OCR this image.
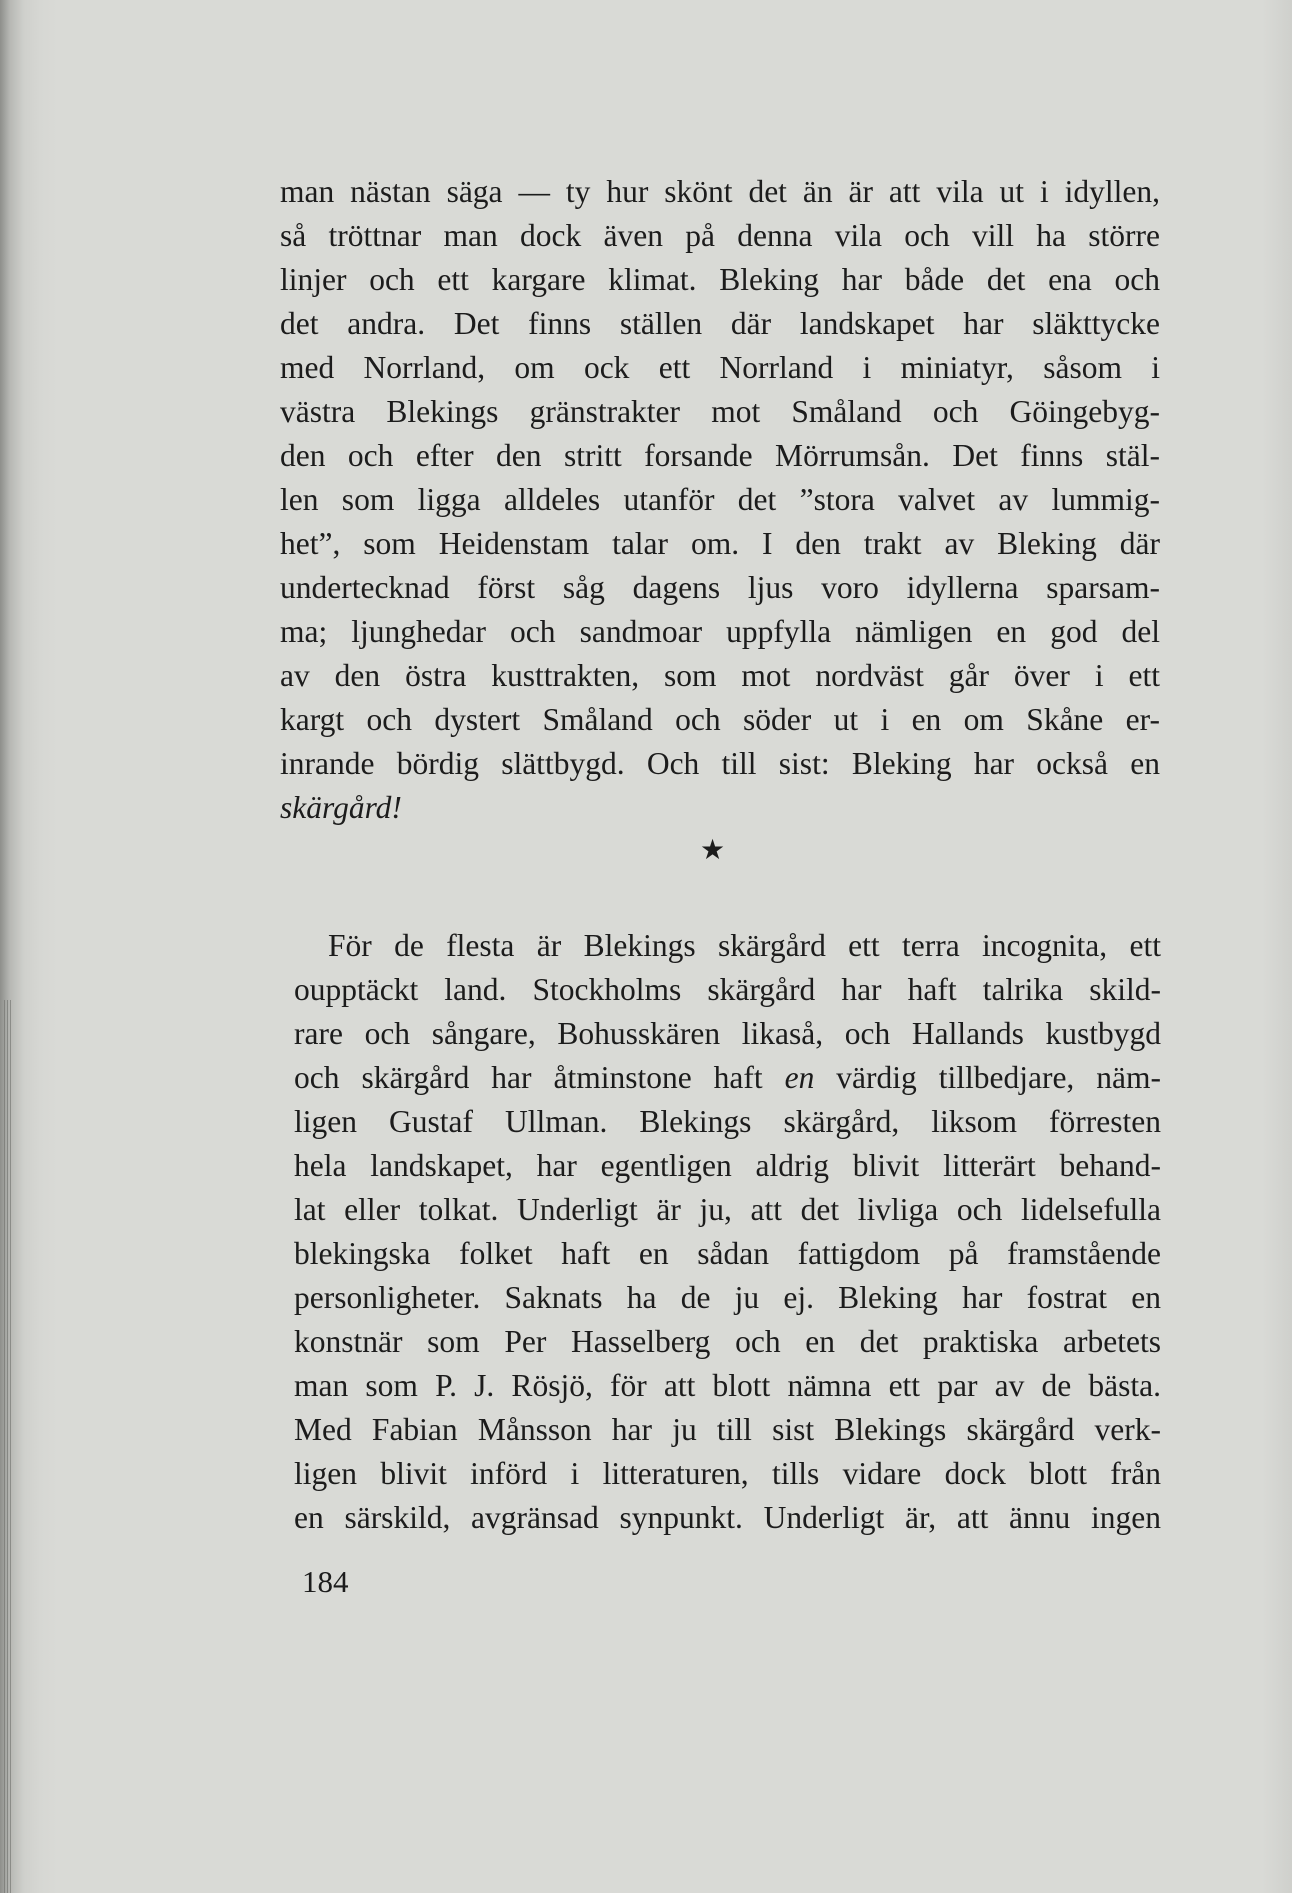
man nästan säga — ty hur skönt det än är att vila ut i idyllen,
så tröttnar man dock även på denna vila och vill ha större
linjer och ett kargare klimat. Bleking har både det ena och
det andra. Det finns ställen där landskapet har släkttycke
med Norrland, om ock ett Norrland i miniatyr, såsom i
västra Blekings gränstrakter mot Småland och Göingebyg-
den och efter den stritt forsande Mörrumsån. Det finns stäl-
len som ligga alldeles utanför det ”stora valvet av lummig-
het”, som Heidenstam talar om. I den trakt av Bleking där
undertecknad först såg dagens ljus voro idyllerna sparsam-
ma; ljunghedar och sandmoar uppfylla nämligen en god del
av den östra kusttrakten, som mot nordväst går över i ett
kargt och dystert Småland och söder ut i en om Skåne er-
inrande bördig slättbygd. Och till sist: Bleking har också en
skärgård!
★
För de flesta är Blekings skärgård ett terra incognita, ett
oupptäckt land. Stockholms skärgård har haft talrika skild-
rare och sångare, Bohusskären likaså, och Hallands kustbygd
och skärgård har åtminstone haft en värdig tillbedjare, näm-
ligen Gustaf Ullman. Blekings skärgård, liksom förresten
hela landskapet, har egentligen aldrig blivit litterärt behand-
lat eller tolkat. Underligt är ju, att det livliga och lidelsefulla
blekingska folket haft en sådan fattigdom på framstående
personligheter. Saknats ha de ju ej. Bleking har fostrat en
konstnär som Per Hasselberg och en det praktiska arbetets
man som P. J. Rösjö, för att blott nämna ett par av de bästa.
Med Fabian Månsson har ju till sist Blekings skärgård verk-
ligen blivit införd i litteraturen, tills vidare dock blott från
en särskild, avgränsad synpunkt. Underligt är, att ännu ingen
184
